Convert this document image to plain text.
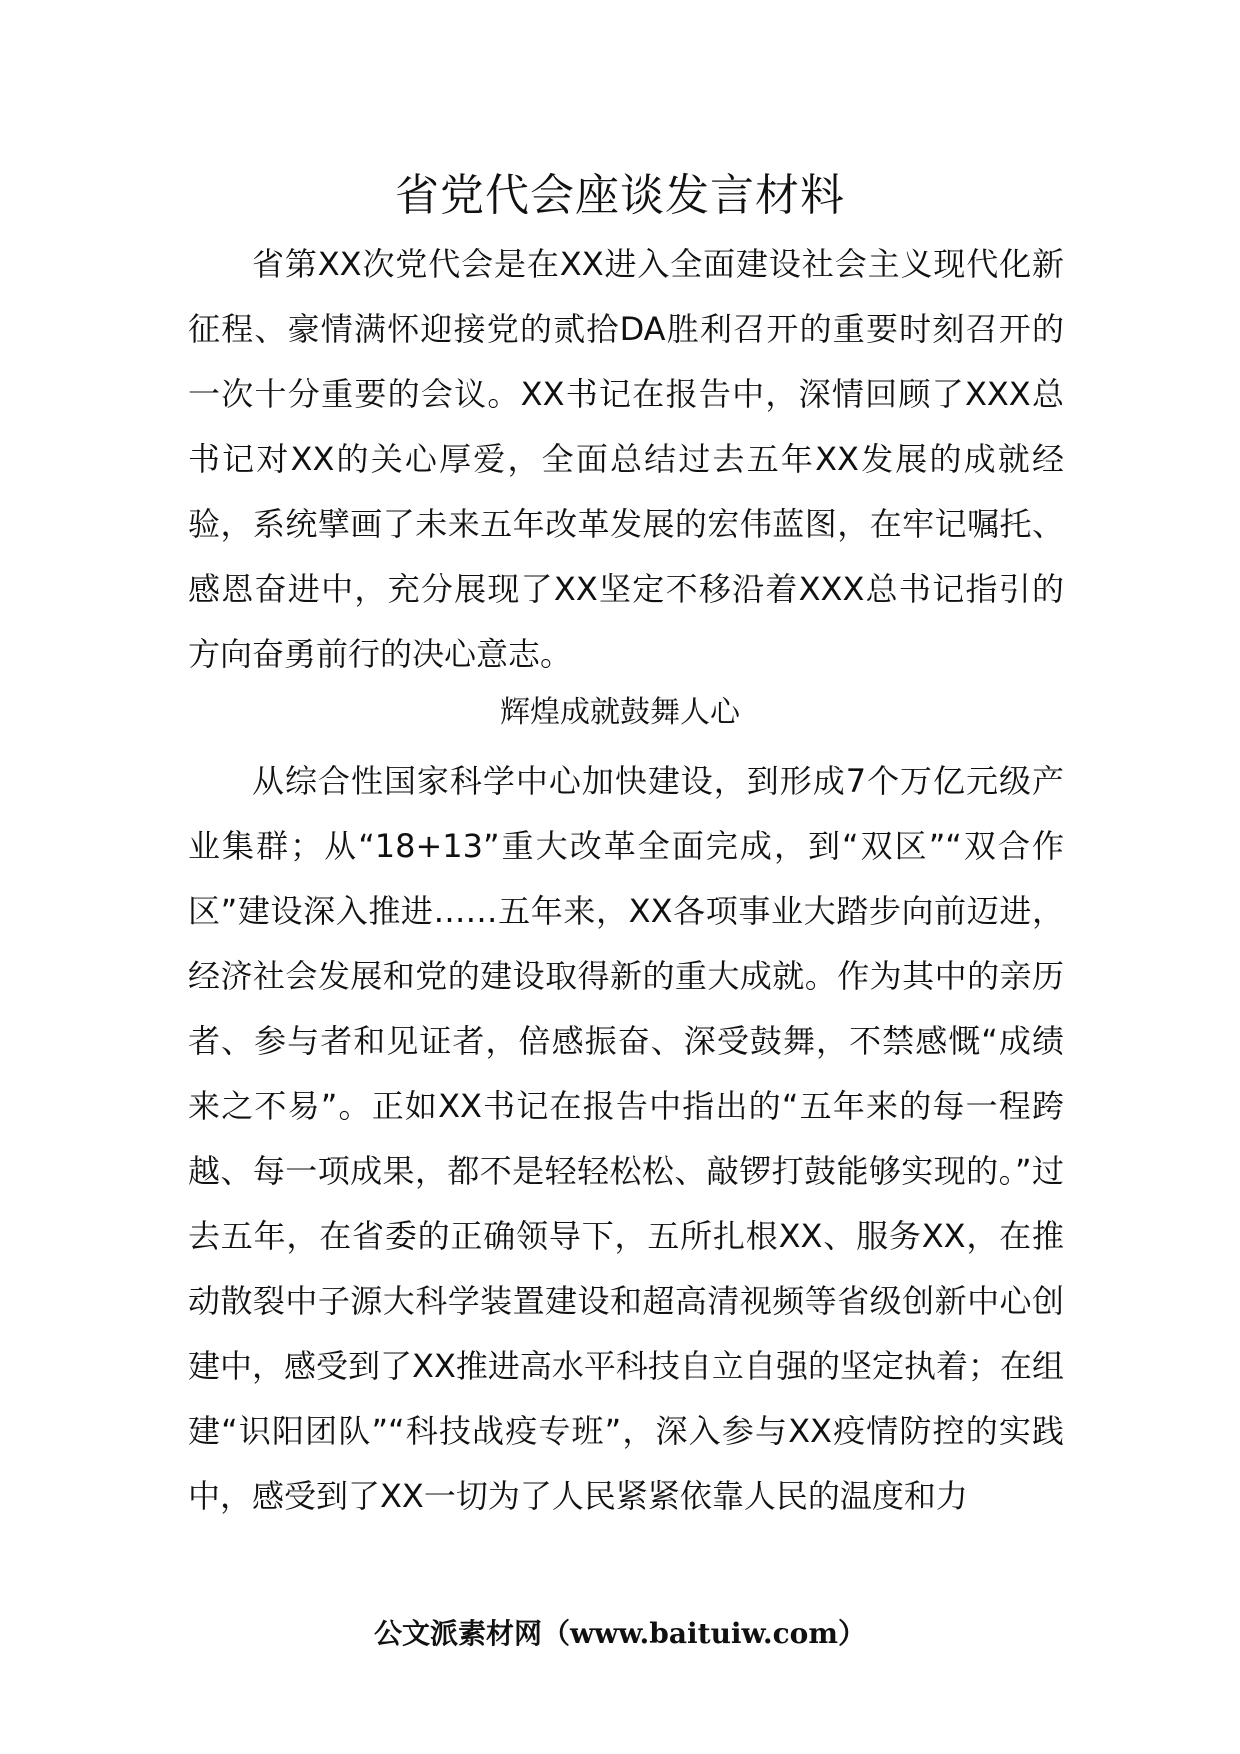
省党代会座谈发言材料

省第XX次党代会是在XX进入全面建设社会主义现代化新征程、豪情满怀迎接党的贰拾DA胜利召开的重要时刻召开的一次十分重要的会议。XX书记在报告中，深情回顾了XXX总书记对XX的关心厚爱，全面总结过去五年XX发展的成就经验，系统擘画了未来五年改革发展的宏伟蓝图，在牢记嘱托、感恩奋进中，充分展现了XX坚定不移沿着XXX总书记指引的方向奋勇前行的决心意志。

辉煌成就鼓舞人心

从综合性国家科学中心加快建设，到形成7个万亿元级产业集群；从“18+13”重大改革全面完成，到“双区”“双合作区”建设深入推进……五年来，XX各项事业大踏步向前迈进，经济社会发展和党的建设取得新的重大成就。作为其中的亲历者、参与者和见证者，倍感振奋、深受鼓舞，不禁感慨“成绩来之不易”。正如XX书记在报告中指出的“五年来的每一程跨越、每一项成果，都不是轻轻松松、敲锣打鼓能够实现的。”过去五年，在省委的正确领导下，五所扎根XX、服务XX，在推动散裂中子源大科学装置建设和超高清视频等省级创新中心创建中，感受到了XX推进高水平科技自立自强的坚定执着；在组建“识阳团队”“科技战疫专班”，深入参与XX疫情防控的实践中，感受到了XX一切为了人民紧紧依靠人民的温度和力

公文派素材网（www.baituiw.com）
